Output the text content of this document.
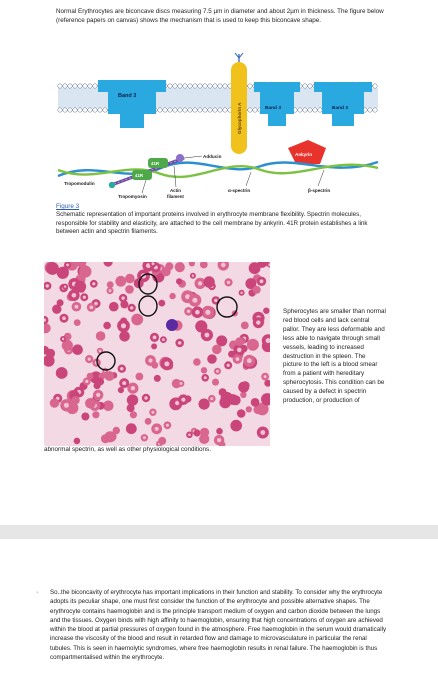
Normal Erythrocytes are biconcave discs measuring 7.5 µm in diameter and about 2µm in thickness. The figure below (reference papers on canvas) shows the mechanism that is used to keep this biconcave shape.

Band 3
Glycophorin A	Band 3	Band 3
Ankyrin
41R
41R
Adducin
Tropomodulin
Tropomyosin
Actin
filament
α-spectrin	β-spectrin

Figure 3

Schematic representation of important proteins involved in erythrocyte membrane flexibility. Spectrin molecules, responsible for stability and elasticity, are attached to the cell membrane by ankyrin. 41R protein establishes a link between actin and spectrin filaments.

Spherocytes are smaller than normal red blood cells and lack central pallor. They are less deformable and less able to navigate through small vessels, leading to increased destruction in the spleen. The picture to the left is a blood smear from a patient with hereditary spherocytosis. This condition can be caused by a defect in spectrin production, or production of

abnormal spectrin, as well as other physiological conditions.

· So..the biconcavity of erythrocyte has important implications in their function and stability. To consider why the erythrocyte adopts its peculiar shape, one must first consider the function of the erythrocyte and possible alternative shapes. The erythrocyte contains haemoglobin and is the principle transport medium of oxygen and carbon dioxide between the lungs and the tissues. Oxygen binds with high affinity to haemoglobin, ensuring that high concentrations of oxygen are achieved within the blood at partial pressures of oxygen found in the atmosphere. Free haemoglobin in the serum would dramatically increase the viscosity of the blood and result in retarded flow and damage to microvasculature in particular the renal tubules. This is seen in haemolytic syndromes, where free haemoglobin results in renal failure. The haemoglobin is thus compartmentalised within the erythrocyte.
